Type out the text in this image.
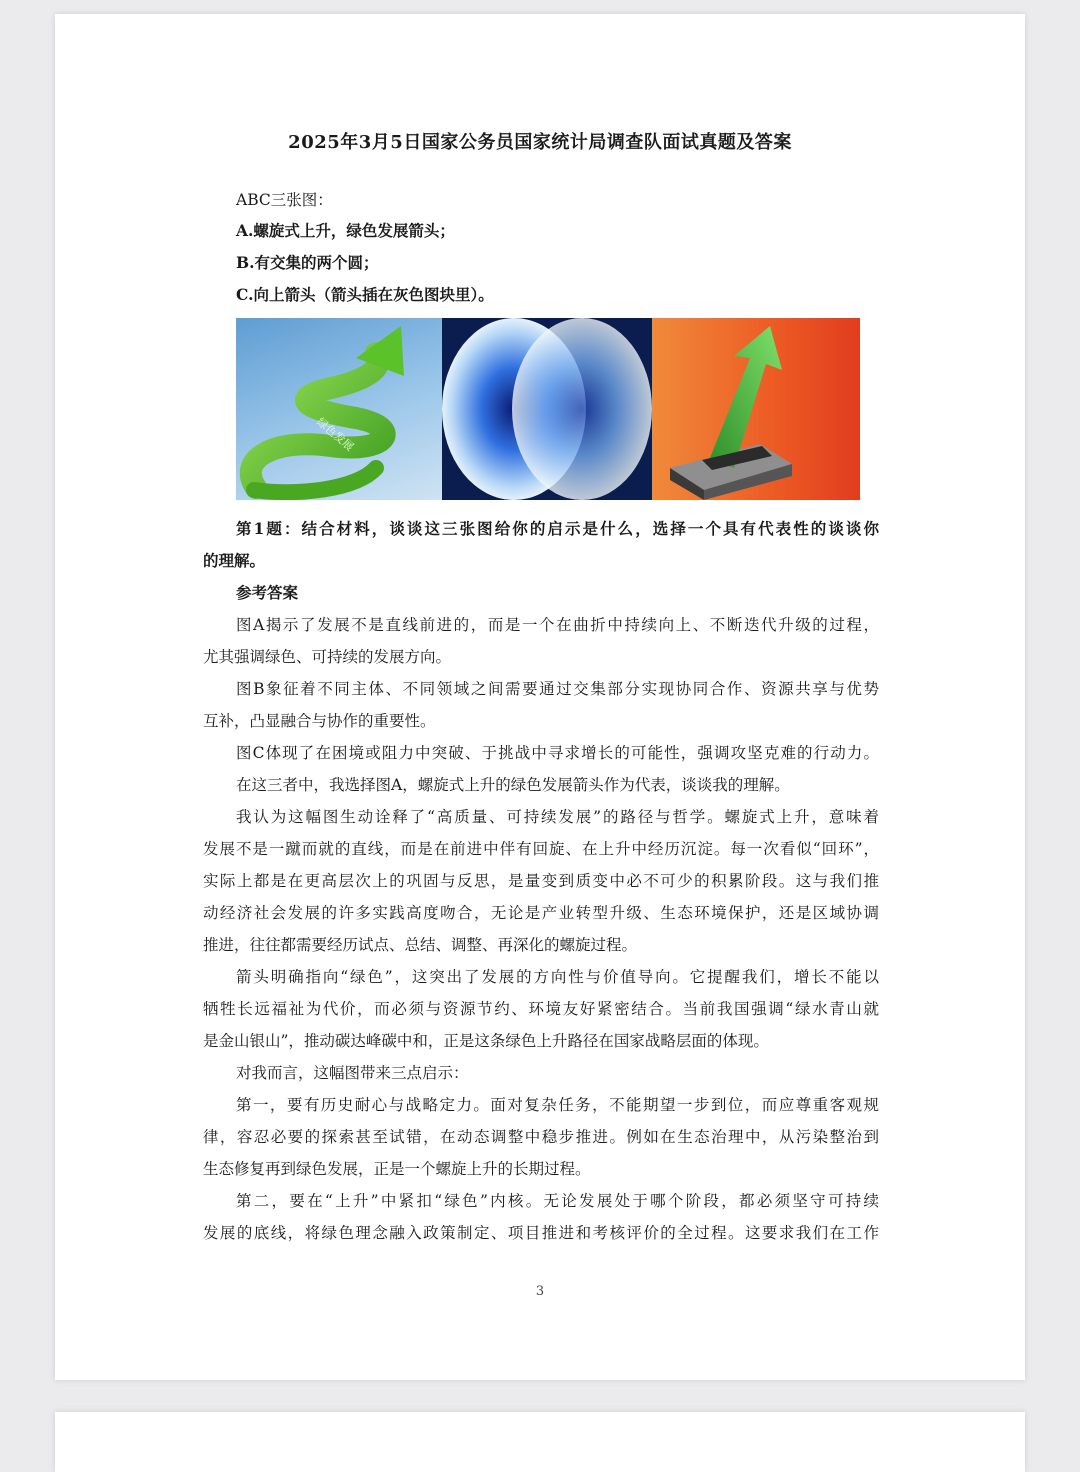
2025年3月5日国家公务员国家统计局调查队面试真题及答案
ABC三张图：
A.螺旋式上升，绿色发展箭头；
B.有交集的两个圆；
C.向上箭头（箭头插在灰色图块里）。
绿色发展
第1题：结合材料，谈谈这三张图给你的启示是什么，选择一个具有代表性的谈谈你
的理解。
参考答案
图A揭示了发展不是直线前进的，而是一个在曲折中持续向上、不断迭代升级的过程，
尤其强调绿色、可持续的发展方向。
图B象征着不同主体、不同领域之间需要通过交集部分实现协同合作、资源共享与优势
互补，凸显融合与协作的重要性。
图C体现了在困境或阻力中突破、于挑战中寻求增长的可能性，强调攻坚克难的行动力。
在这三者中，我选择图A，螺旋式上升的绿色发展箭头作为代表，谈谈我的理解。
我认为这幅图生动诠释了“高质量、可持续发展”的路径与哲学。螺旋式上升，意味着
发展不是一蹴而就的直线，而是在前进中伴有回旋、在上升中经历沉淀。每一次看似“回环”，
实际上都是在更高层次上的巩固与反思，是量变到质变中必不可少的积累阶段。这与我们推
动经济社会发展的许多实践高度吻合，无论是产业转型升级、生态环境保护，还是区域协调
推进，往往都需要经历试点、总结、调整、再深化的螺旋过程。
箭头明确指向“绿色”，这突出了发展的方向性与价值导向。它提醒我们，增长不能以
牺牲长远福祉为代价，而必须与资源节约、环境友好紧密结合。当前我国强调“绿水青山就
是金山银山”，推动碳达峰碳中和，正是这条绿色上升路径在国家战略层面的体现。
对我而言，这幅图带来三点启示：
第一，要有历史耐心与战略定力。面对复杂任务，不能期望一步到位，而应尊重客观规
律，容忍必要的探索甚至试错，在动态调整中稳步推进。例如在生态治理中，从污染整治到
生态修复再到绿色发展，正是一个螺旋上升的长期过程。
第二，要在“上升”中紧扣“绿色”内核。无论发展处于哪个阶段，都必须坚守可持续
发展的底线，将绿色理念融入政策制定、项目推进和考核评价的全过程。这要求我们在工作
3
